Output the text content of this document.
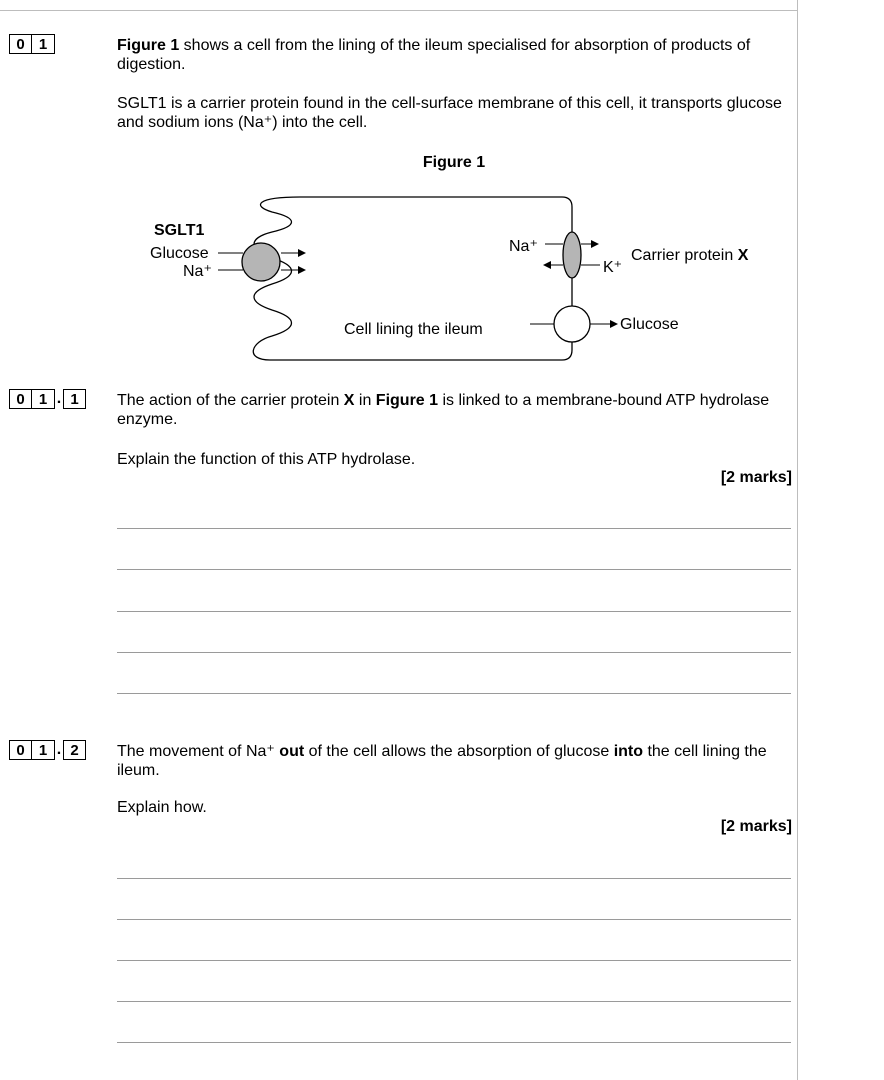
0 1	Figure 1 shows a cell from the lining of the ileum specialised for absorption of products of digestion.
SGLT1 is a carrier protein found in the cell-surface membrane of this cell, it transports glucose and sodium ions (Na⁺) into the cell.
Figure 1
SGLT1
Glucose
Na⁺
Na⁺
K⁺
Carrier protein X
Glucose
Cell lining the ileum
0 1 . 1	The action of the carrier protein X in Figure 1 is linked to a membrane-bound ATP hydrolase enzyme.
Explain the function of this ATP hydrolase.
[2 marks]
0 1 . 2	The movement of Na⁺ out of the cell allows the absorption of glucose into the cell lining the ileum.
Explain how.
[2 marks]
